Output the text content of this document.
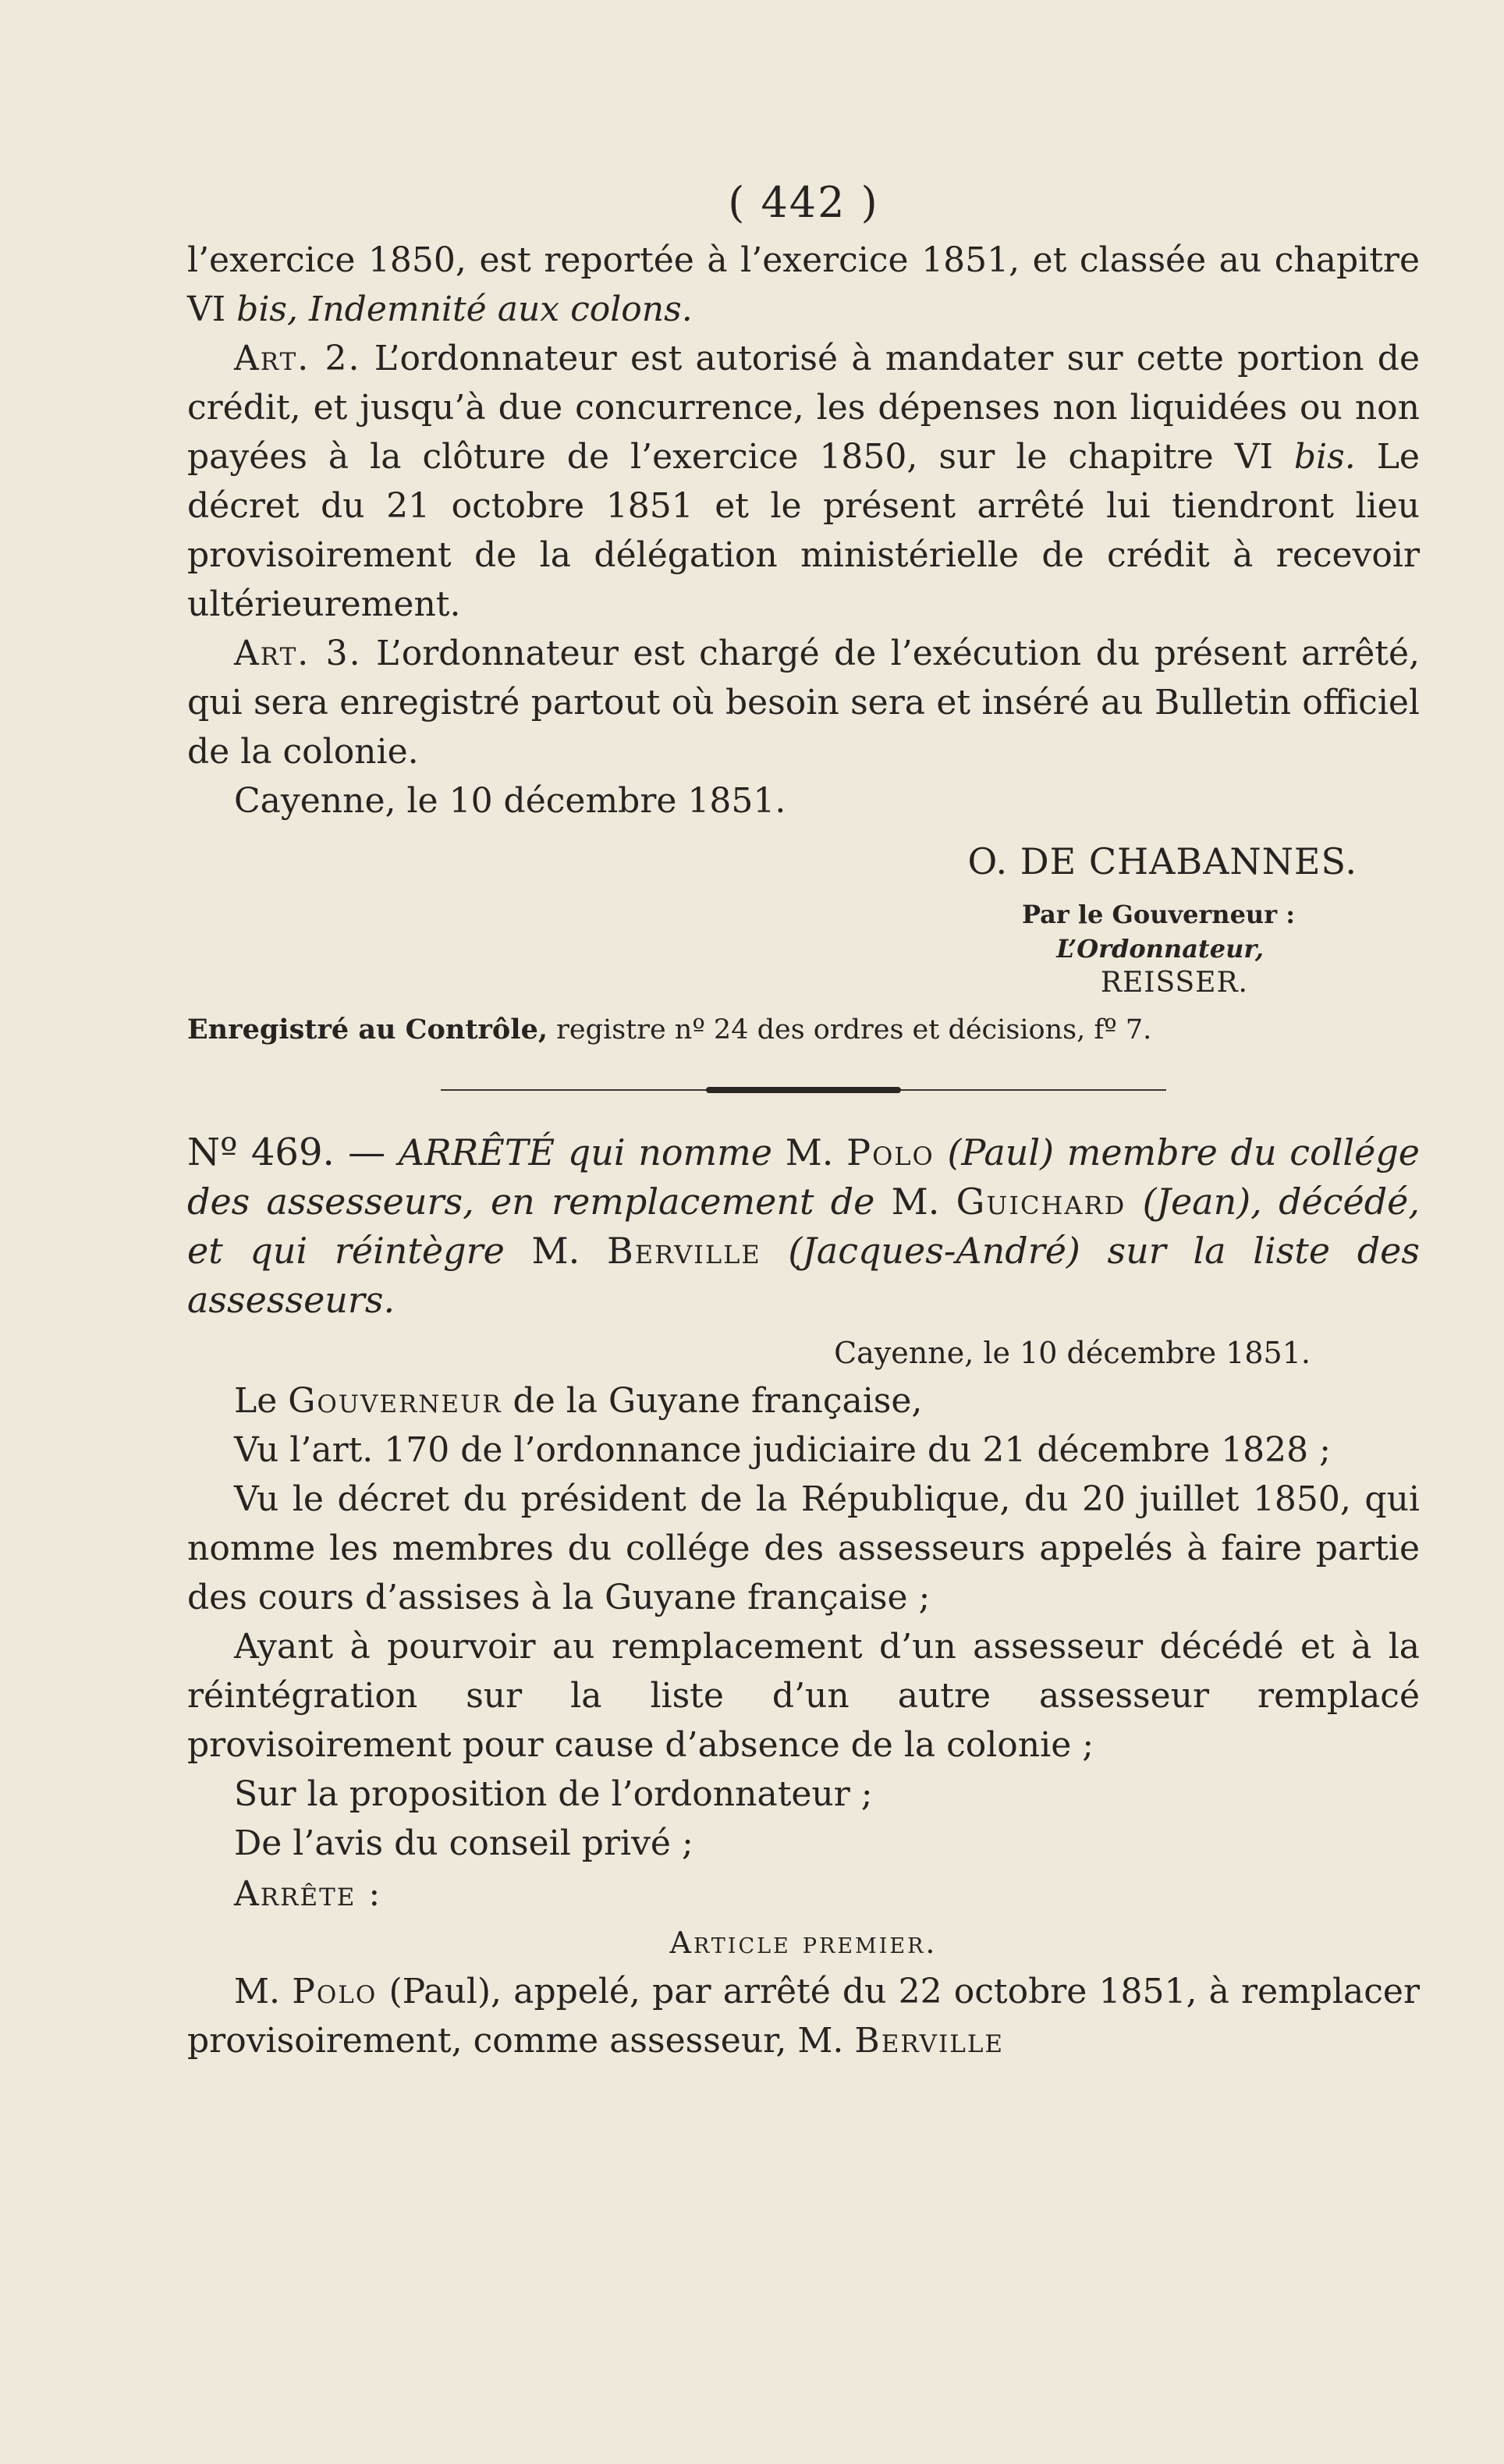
( 442 )

l’exercice 1850, est reportée à l’exercice 1851, et classée au chapitre VI bis, Indemnité aux colons.

Art. 2. L’ordonnateur est autorisé à mandater sur cette portion de crédit, et jusqu’à due concurrence, les dépenses non liquidées ou non payées à la clôture de l’exercice 1850, sur le chapitre VI bis. Le décret du 21 octobre 1851 et le présent arrêté lui tiendront lieu provisoirement de la délégation ministérielle de crédit à recevoir ultérieurement.

Art. 3. L’ordonnateur est chargé de l’exécution du présent arrêté, qui sera enregistré partout où besoin sera et inséré au Bulletin officiel de la colonie.

Cayenne, le 10 décembre 1851.

O. DE CHABANNES.
Par le Gouverneur :
L’Ordonnateur,
REISSER.

Enregistré au Contrôle, registre nº 24 des ordres et décisions, fº 7.

Nº 469. — ARRÊTÉ qui nomme M. Polo (Paul) membre du collége des assesseurs, en remplacement de M. Guichard (Jean), décédé, et qui réintègre M. Berville (Jacques-André) sur la liste des assesseurs.

Cayenne, le 10 décembre 1851.

Le Gouverneur de la Guyane française,

Vu l’art. 170 de l’ordonnance judiciaire du 21 décembre 1828 ;

Vu le décret du président de la République, du 20 juillet 1850, qui nomme les membres du collége des assesseurs appelés à faire partie des cours d’assises à la Guyane française ;

Ayant à pourvoir au remplacement d’un assesseur décédé et à la réintégration sur la liste d’un autre assesseur remplacé provisoirement pour cause d’absence de la colonie ;

Sur la proposition de l’ordonnateur ;

De l’avis du conseil privé ;

Arrête :

Article premier.

M. Polo (Paul), appelé, par arrêté du 22 octobre 1851, à remplacer provisoirement, comme assesseur, M. Berville
